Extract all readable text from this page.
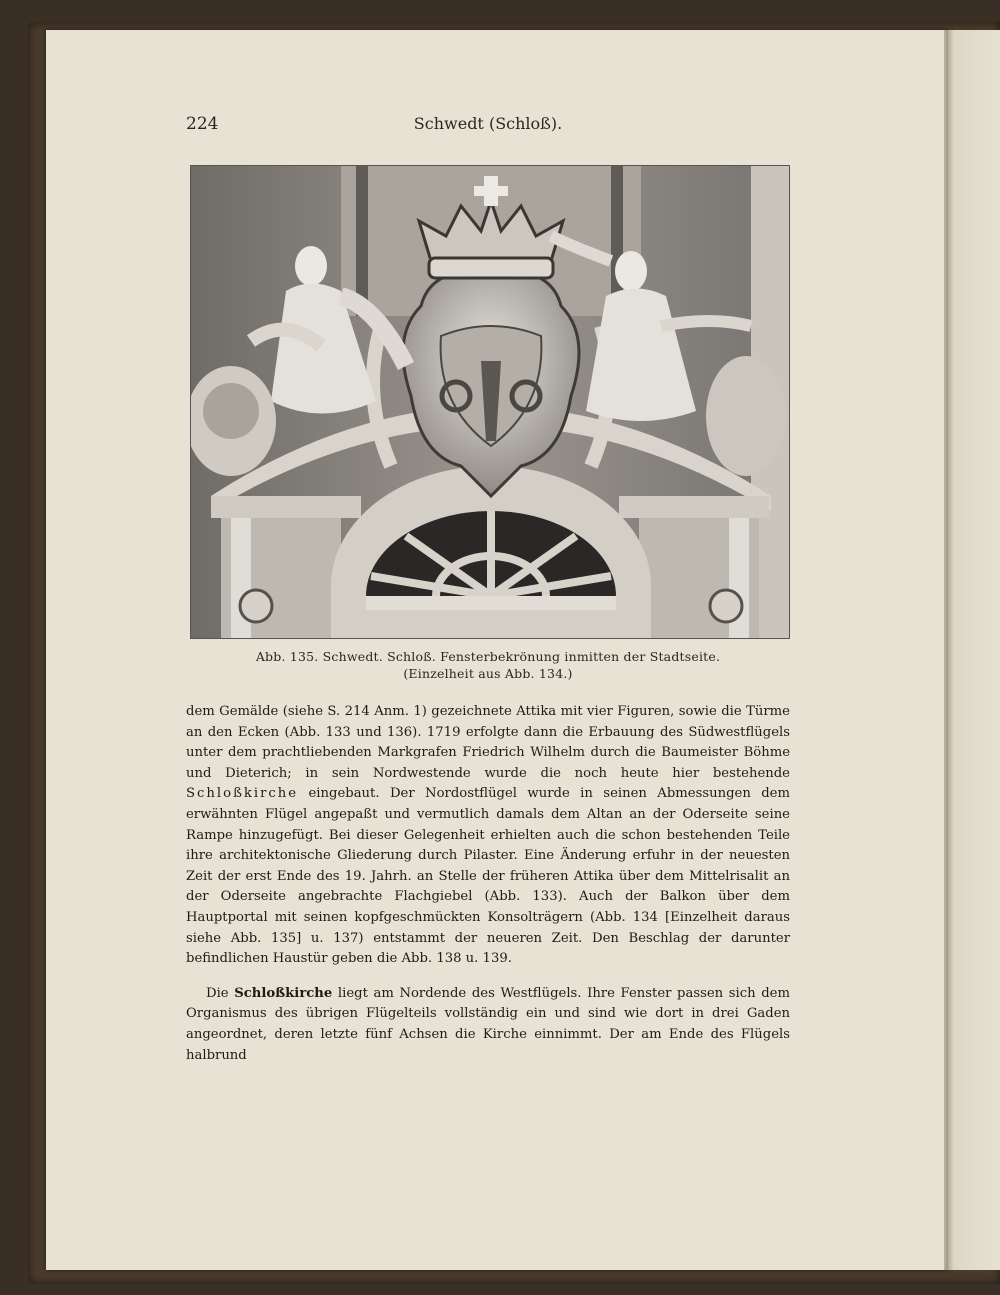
224	Schwedt (Schloß).
Abb. 135. Schwedt. Schloß. Fensterbekrönung inmitten der Stadtseite.
(Einzelheit aus Abb. 134.)

dem Gemälde (siehe S. 214 Anm. 1) gezeichnete Attika mit vier Figuren, sowie die Türme an den Ecken (Abb. 133 und 136). 1719 erfolgte dann die Erbauung des Südwestflügels unter dem prachtliebenden Markgrafen Friedrich Wilhelm durch die Baumeister Böhme und Dieterich; in sein Nordwestende wurde die noch heute hier bestehende Schloßkirche eingebaut. Der Nordostflügel wurde in seinen Abmessungen dem erwähnten Flügel angepaßt und vermutlich damals dem Altan an der Oderseite seine Rampe hinzugefügt. Bei dieser Gelegenheit erhielten auch die schon bestehenden Teile ihre architektonische Gliederung durch Pilaster. Eine Änderung erfuhr in der neuesten Zeit der erst Ende des 19. Jahrh. an Stelle der früheren Attika über dem Mittelrisalit an der Oderseite angebrachte Flachgiebel (Abb. 133). Auch der Balkon über dem Hauptportal mit seinen kopfgeschmückten Konsolträgern (Abb. 134 [Einzelheit daraus siehe Abb. 135] u. 137) entstammt der neueren Zeit. Den Beschlag der darunter befindlichen Haustür geben die Abb. 138 u. 139.

Die Schloßkirche liegt am Nordende des Westflügels. Ihre Fenster passen sich dem Organismus des übrigen Flügelteils vollständig ein und sind wie dort in drei Gaden angeordnet, deren letzte fünf Achsen die Kirche einnimmt. Der am Ende des Flügels halbrund
